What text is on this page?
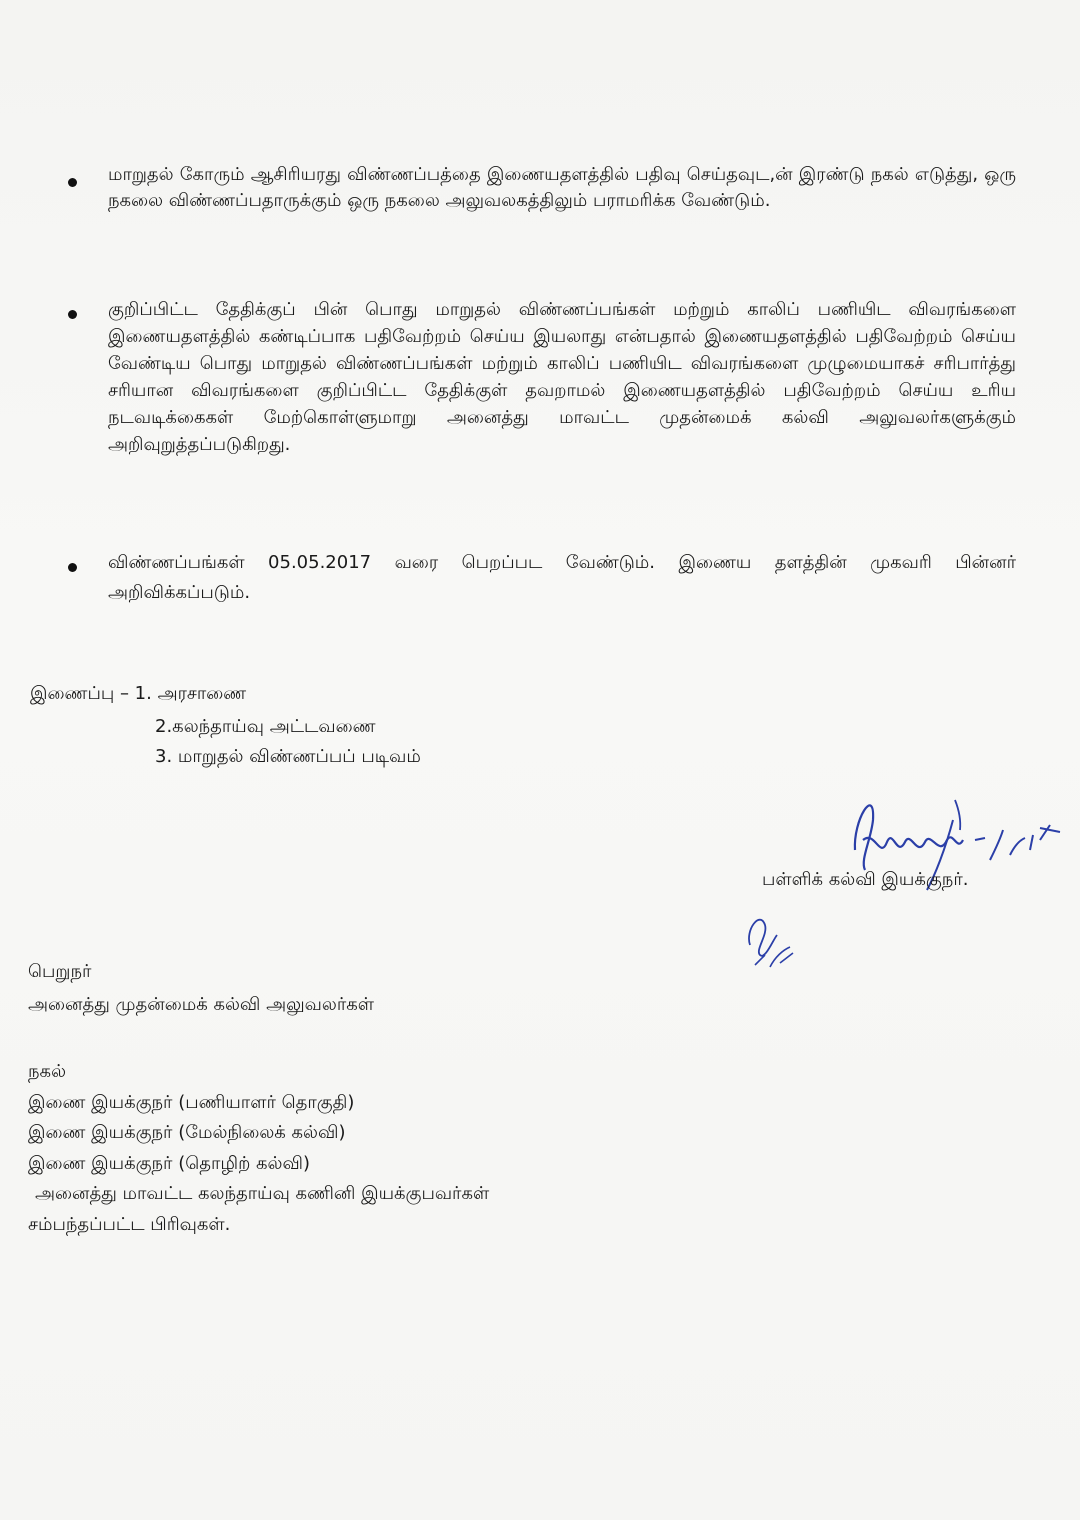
மாறுதல் கோரும் ஆசிரியரது விண்ணப்பத்தை இணையதளத்தில் பதிவு செய்தவுட,ன் இரண்டு நகல் எடுத்து, ஒரு நகலை விண்ணப்பதாருக்கும் ஒரு நகலை அலுவலகத்திலும் பராமரிக்க வேண்டும்.
குறிப்பிட்ட தேதிக்குப் பின் பொது மாறுதல் விண்ணப்பங்கள் மற்றும் காலிப் பணியிட விவரங்களை இணையதளத்தில் கண்டிப்பாக பதிவேற்றம் செய்ய இயலாது என்பதால் இணையதளத்தில் பதிவேற்றம் செய்ய வேண்டிய பொது மாறுதல் விண்ணப்பங்கள் மற்றும் காலிப் பணியிட விவரங்களை முழுமையாகச் சரிபார்த்து சரியான விவரங்களை குறிப்பிட்ட தேதிக்குள் தவறாமல் இணையதளத்தில் பதிவேற்றம் செய்ய உரிய நடவடிக்கைகள் மேற்கொள்ளுமாறு அனைத்து மாவட்ட முதன்மைக் கல்வி அலுவலர்களுக்கும் அறிவுறுத்தப்படுகிறது.
விண்ணப்பங்கள் 05.05.2017 வரை பெறப்பட வேண்டும். இணைய தளத்தின் முகவரி பின்னர் அறிவிக்கப்படும்.
இணைப்பு – 1. அரசாணை
2.கலந்தாய்வு அட்டவணை
3. மாறுதல் விண்ணப்பப் படிவம்
பள்ளிக் கல்வி இயக்குநர்.
பெறுநர்
அனைத்து முதன்மைக் கல்வி அலுவலர்கள்
நகல்
இணை இயக்குநர் (பணியாளர் தொகுதி)
இணை இயக்குநர் (மேல்நிலைக் கல்வி)
இணை இயக்குநர் (தொழிற் கல்வி)
அனைத்து மாவட்ட கலந்தாய்வு கணினி இயக்குபவர்கள்
சம்பந்தப்பட்ட பிரிவுகள்.
